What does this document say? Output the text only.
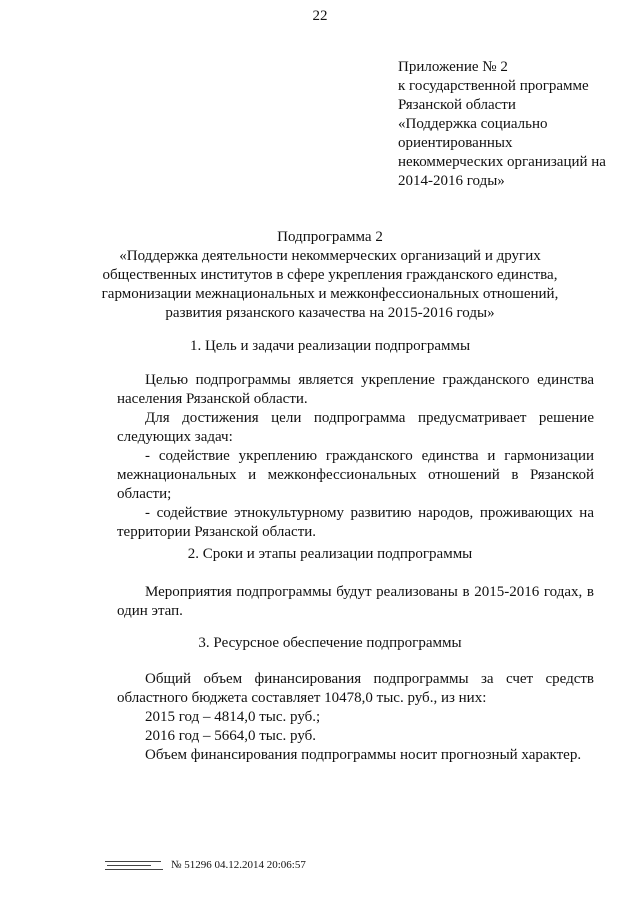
22
Приложение № 2
к государственной программе
Рязанской области
«Поддержка социально
ориентированных
некоммерческих организаций на
2014-2016 годы»
Подпрограмма 2
«Поддержка деятельности некоммерческих организаций и других
общественных институтов в сфере укрепления гражданского единства,
гармонизации межнациональных и межконфессиональных отношений,
развития рязанского казачества на 2015-2016 годы»
1. Цель и задачи реализации подпрограммы
Целью подпрограммы является укрепление гражданского единства
населения Рязанской области.
Для достижения цели подпрограмма предусматривает решение
следующих задач:
- содействие укреплению гражданского единства и гармонизации
межнациональных и межконфессиональных отношений в Рязанской
области;
- содействие этнокультурному развитию народов, проживающих на
территории Рязанской области.
2. Сроки и этапы реализации подпрограммы
Мероприятия подпрограммы будут реализованы в 2015-2016 годах, в
один этап.
3. Ресурсное обеспечение подпрограммы
Общий объем финансирования подпрограммы за счет средств
областного бюджета составляет 10478,0 тыс. руб., из них:
2015 год – 4814,0 тыс. руб.;
2016 год – 5664,0 тыс. руб.
Объем финансирования подпрограммы носит прогнозный характер.
№ 51296 04.12.2014 20:06:57
